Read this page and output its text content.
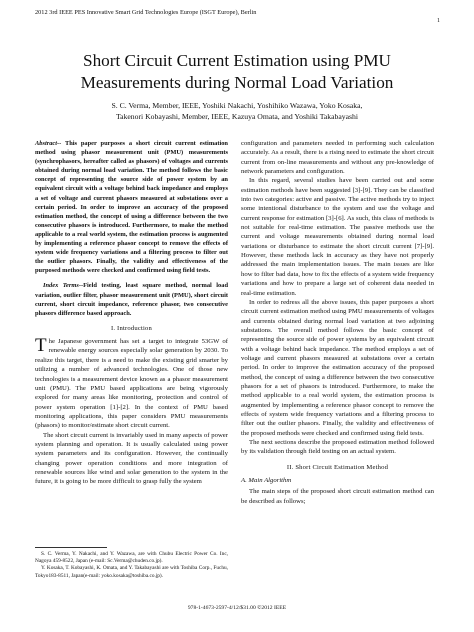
2012 3rd IEEE PES Innovative Smart Grid Technologies Europe (ISGT Europe), Berlin
1
Short Circuit Current Estimation using PMU
Measurements during Normal Load Variation
S. C. Verma, Member, IEEE, Yoshiki Nakachi, Yoshihiko Wazawa, Yoko Kosaka,
Takenori Kobayashi, Member, IEEE, Kazuya Omata, and Yoshiki Takabayashi

Abstract-- This paper purposes a short circuit current estimation method using phasor measurement unit (PMU) measurements (synchrophasors, hereafter called as phasors) of voltages and currents obtained during normal load variation. The method follows the basic concept of representing the source side of power system by an equivalent circuit with a voltage behind back impedance and employs a set of voltage and current phasors measured at substations over a certain period. In order to improve an accuracy of the proposed estimation method, the concept of using a difference between the two consecutive phasors is introduced. Furthermore, to make the method applicable to a real world system, the estimation process is augmented by implementing a reference phasor concept to remove the effects of system wide frequency variations and a filtering process to filter out the outlier phasors. Finally, the validity and effectiveness of the purposed methods were checked and confirmed using field tests.

Index Terms--Field testing, least square method, normal load variation, outlier filter, phasor measurement unit (PMU), short circuit current, short circuit impedance, reference phasor, two consecutive phasors difference based approach.

I. Introduction

The Japanese government has set a target to integrate 53GW of renewable energy sources especially solar generation by 2030. To realize this target, there is a need to make the existing grid smarter by utilizing a number of advanced technologies. One of those new technologies is a measurement device known as a phasor measurement unit (PMU). The PMU based applications are being vigorously explored for many areas like monitoring, protection and control of power system operation [1]-[2]. In the context of PMU based monitoring applications, this paper considers PMU measurements (phasors) to monitor/estimate short circuit current.

The short circuit current is invariably used in many aspects of power system planning and operation. It is usually calculated using power system parameters and its configuration. However, the continually changing power operation conditions and more integration of renewable sources like wind and solar generation to the system in the future, it is going to be more difficult to grasp fully the system

S. C. Verma, Y. Nakachi, and Y. Wazawa, are with Chubu Electric Power Co. Inc, Nagoya 459-8522, Japan (e-mail: Sc.Verma@chuden.co.jp).

Y. Kosaka, T. Kobayashi, K. Omata, and Y. Takabayashi are with Toshiba Corp., Fuchu, Tokyo183-8511, Japan(e-mail: yoko.kosaka@toshiba.co.jp).

configuration and parameters needed in performing such calculation accurately. As a result, there is a rising need to estimate the short circuit current from on-line measurements and without any pre-knowledge of network parameters and configuration.

In this regard, several studies have been carried out and some estimation methods have been suggested [3]-[9]. They can be classified into two categories: active and passive. The active methods try to inject some intentional disturbance to the system and use the voltage and current response for estimation [3]-[6]. As such, this class of methods is not suitable for real-time estimation. The passive methods use the current and voltage measurements obtained during normal load variations or disturbance to estimate the short circuit current [7]-[9]. However, these methods lack in accuracy as they have not properly addressed the main implementation issues. The main issues are like how to filter bad data, how to fix the effects of a system wide frequency variations and how to prepare a large set of coherent data needed in real-time estimation.

In order to redress all the above issues, this paper purposes a short circuit current estimation method using PMU measurements of voltages and currents obtained during normal load variation at two adjoining substations. The overall method follows the basic concept of representing the source side of power systems by an equivalent circuit with a voltage behind back impedance. The method employs a set of voltage and current phasors measured at substations over a certain period. In order to improve the estimation accuracy of the proposed method, the concept of using a difference between the two consecutive phasors for a set of phasors is introduced. Furthermore, to make the method applicable to a real world system, the estimation process is augmented by implementing a reference phasor concept to remove the effects of system wide frequency variations and a filtering process to filter out the outlier phasors. Finally, the validity and effectiveness of the proposed methods were checked and confirmed using field tests.

The next sections describe the proposed estimation method followed by its validation through field testing on an actual system.

II. Short Circuit Estimation Method

A. Main Algorithm

The main steps of the proposed short circuit estimation method can be described as follows;

978-1-4673-2597-4/12/$31.00 ©2012 IEEE
